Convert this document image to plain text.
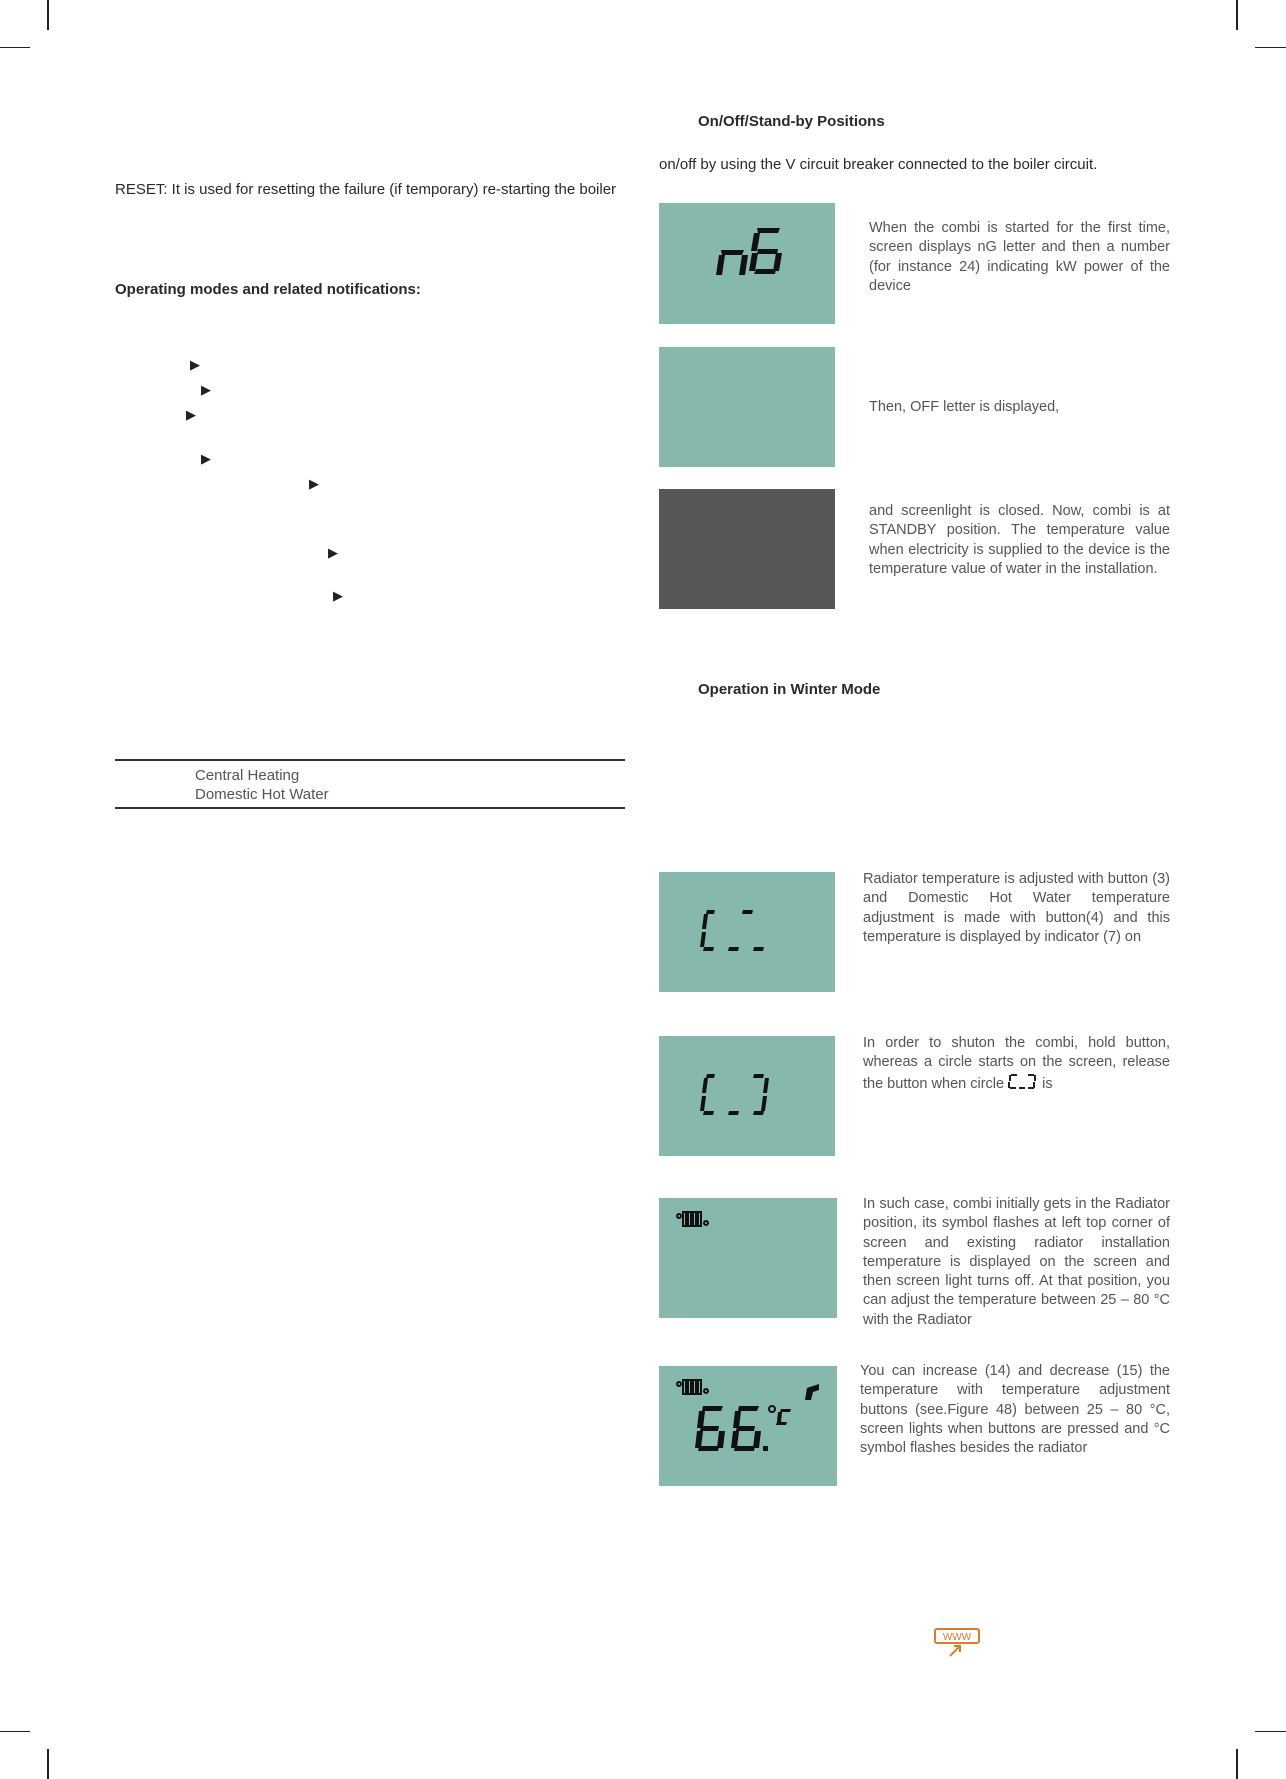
RESET: It is used for resetting the failure (if temporary) re-starting the boiler
Operating modes and related notifications:
▶
▶
▶
▶
▶
▶
▶
Central Heating
Domestic Hot Water
On/Off/Stand-by Positions
on/off by using the V circuit breaker connected to the boiler circuit.
When the combi is started for the first time, screen displays nG letter and then a number (for instance 24) indicating kW power of the device
Then, OFF letter is displayed,
and screenlight is closed. Now, combi is at STANDBY position. The temperature value when electricity is supplied to the device is the temperature value of water in the installation.
Operation in Winter Mode
Radiator temperature is adjusted with button (3) and Domestic Hot Water temperature adjustment is made with button(4) and this temperature is displayed by indicator (7) on
In order to shuton the combi, hold button, whereas a circle starts on the screen, release the button when circle	is
In such case, combi initially gets in the Radiator position, its symbol flashes at left top corner of screen and existing radiator installation temperature is displayed on the screen and then screen light turns off. At that position, you can adjust the temperature between 25 – 80 °C with the Radiator
You can increase (14) and decrease (15) the temperature with temperature adjustment buttons (see.Figure 48) between 25 – 80 °C, screen lights when buttons are pressed and °C symbol flashes besides the radiator
WWW
